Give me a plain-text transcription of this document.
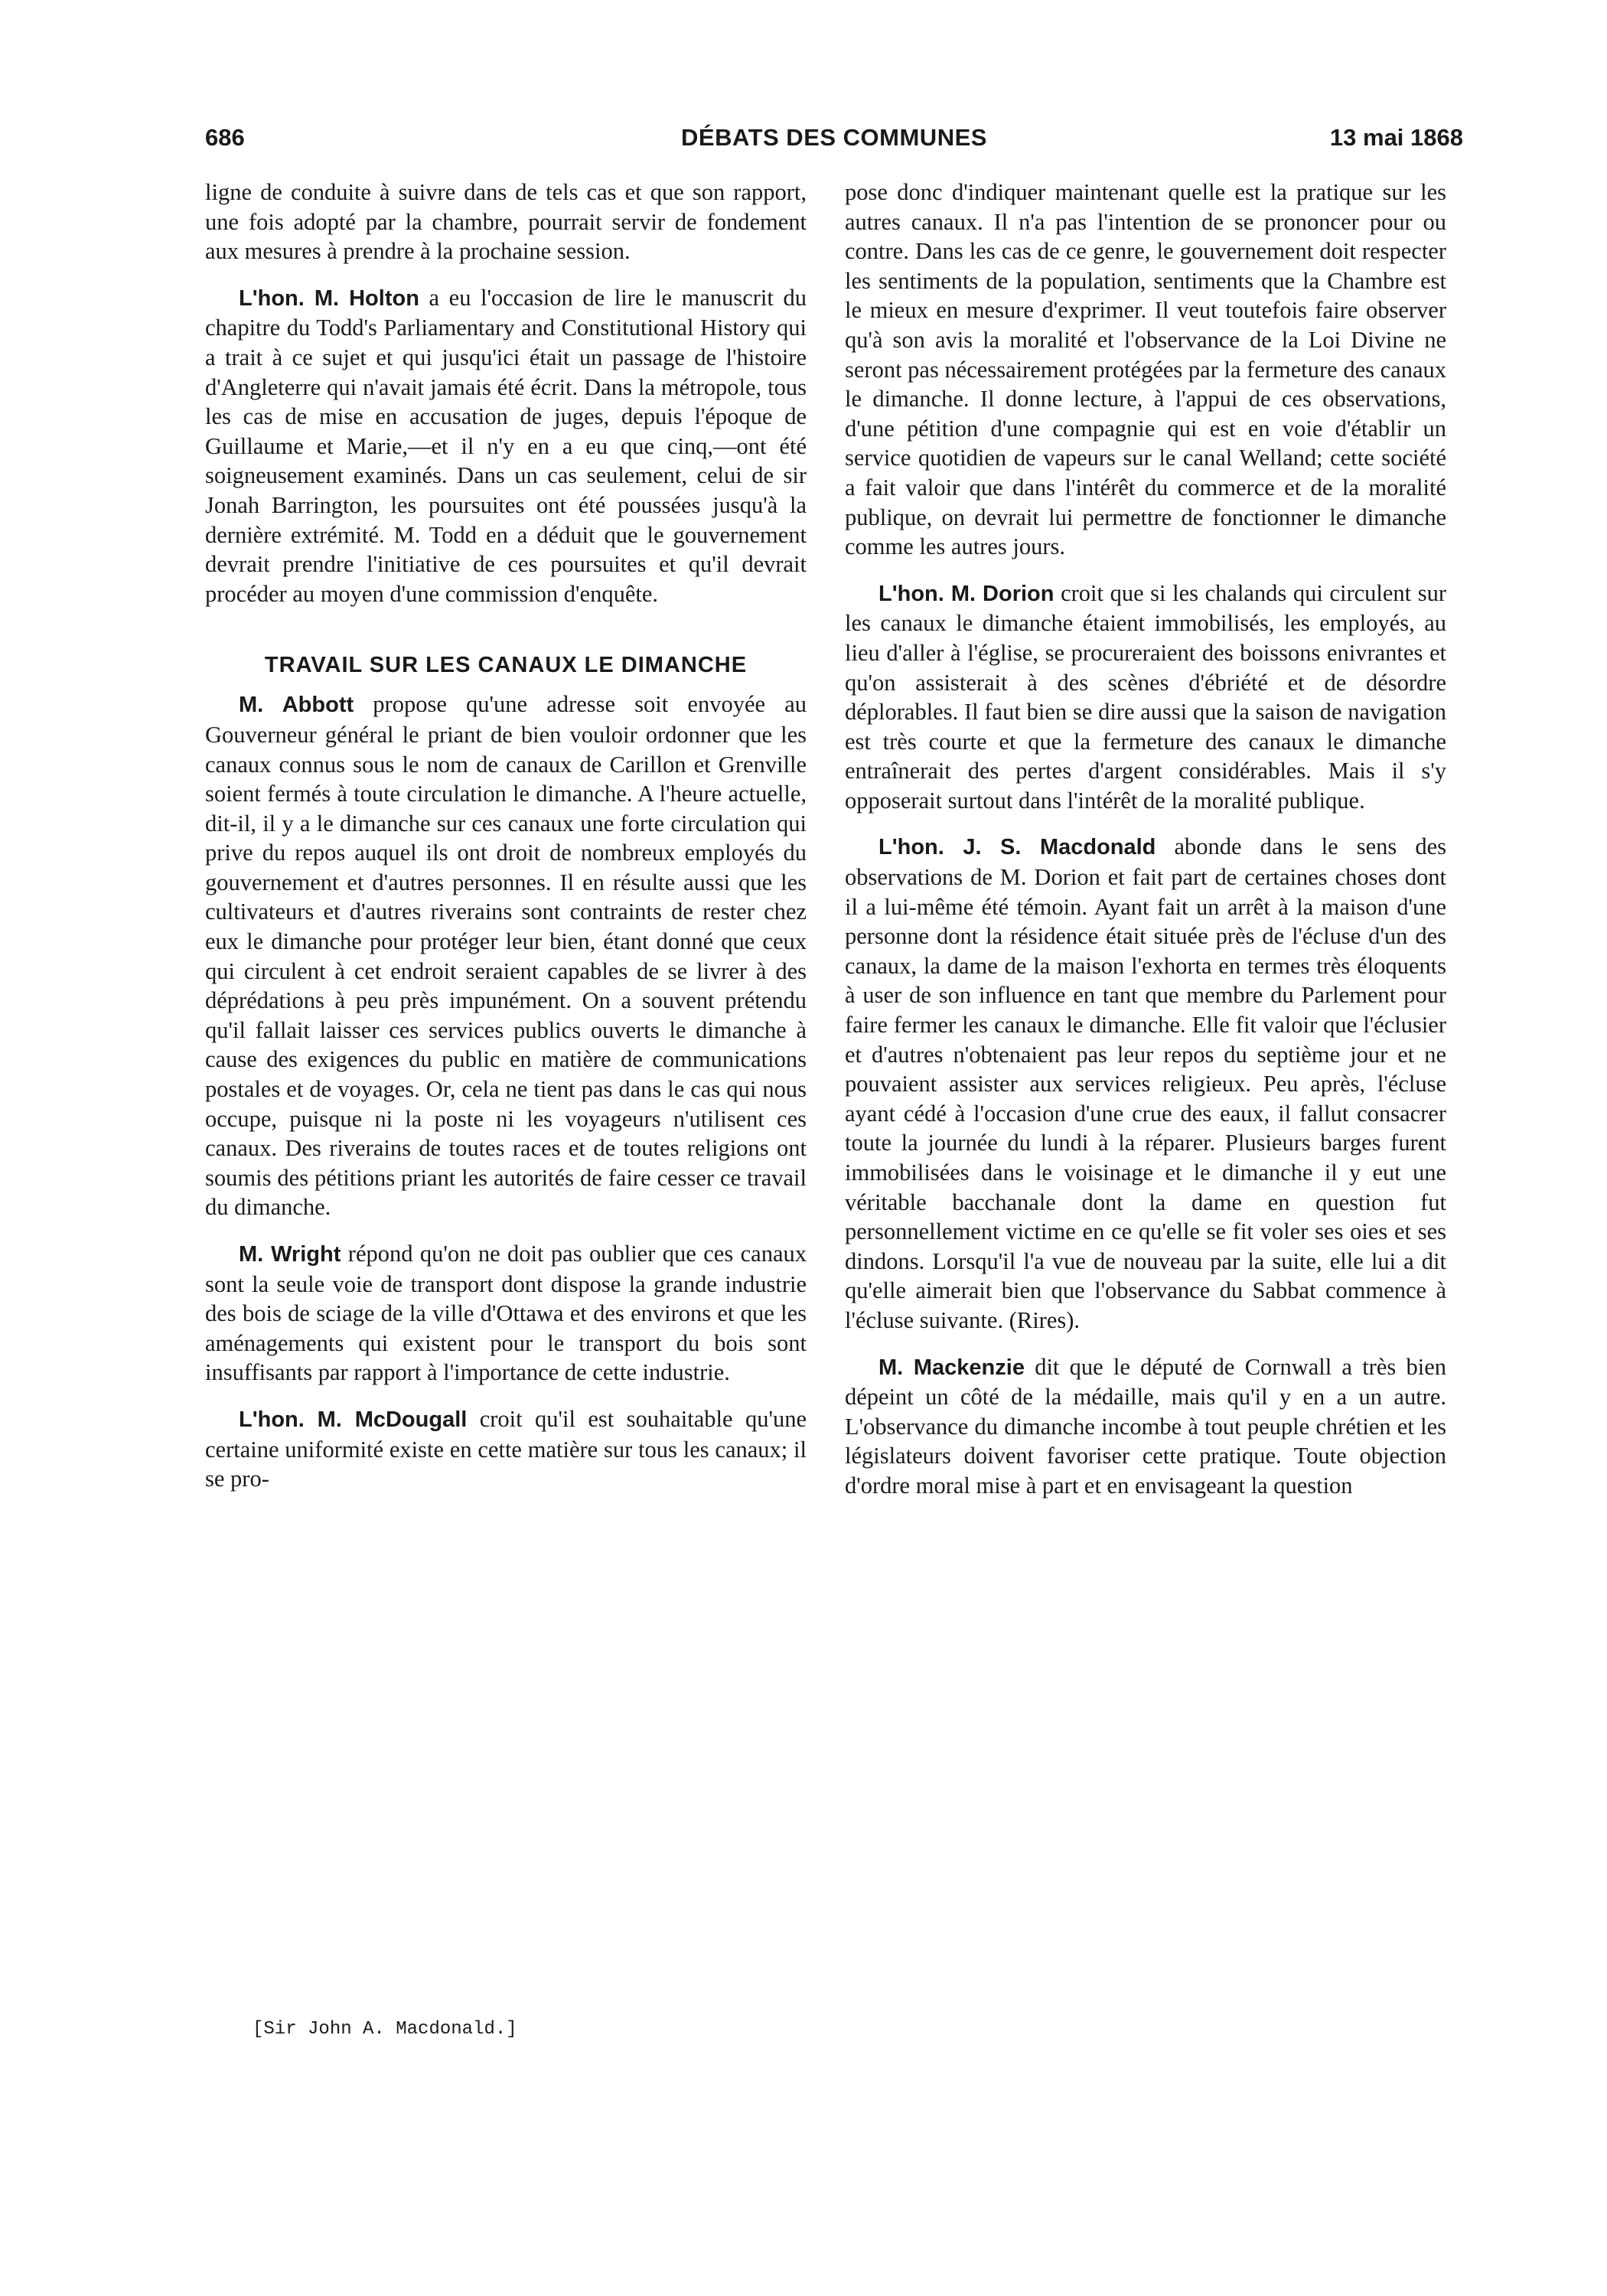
686	DÉBATS DES COMMUNES	13 mai 1868

ligne de conduite à suivre dans de tels cas et que son rapport, une fois adopté par la chambre, pourrait servir de fondement aux mesures à prendre à la prochaine session.

L'hon. M. Holton a eu l'occasion de lire le manuscrit du chapitre du Todd's Parliamentary and Constitutional History qui a trait à ce sujet et qui jusqu'ici était un passage de l'histoire d'Angleterre qui n'avait jamais été écrit. Dans la métropole, tous les cas de mise en accusation de juges, depuis l'époque de Guillaume et Marie,—et il n'y en a eu que cinq,—ont été soigneusement examinés. Dans un cas seulement, celui de sir Jonah Barrington, les poursuites ont été poussées jusqu'à la dernière extrémité. M. Todd en a déduit que le gouvernement devrait prendre l'initiative de ces poursuites et qu'il devrait procéder au moyen d'une commission d'enquête.

TRAVAIL SUR LES CANAUX LE DIMANCHE

M. Abbott propose qu'une adresse soit envoyée au Gouverneur général le priant de bien vouloir ordonner que les canaux connus sous le nom de canaux de Carillon et Grenville soient fermés à toute circulation le dimanche. A l'heure actuelle, dit-il, il y a le dimanche sur ces canaux une forte circulation qui prive du repos auquel ils ont droit de nombreux employés du gouvernement et d'autres personnes. Il en résulte aussi que les cultivateurs et d'autres riverains sont contraints de rester chez eux le dimanche pour protéger leur bien, étant donné que ceux qui circulent à cet endroit seraient capables de se livrer à des déprédations à peu près impunément. On a souvent prétendu qu'il fallait laisser ces services publics ouverts le dimanche à cause des exigences du public en matière de communications postales et de voyages. Or, cela ne tient pas dans le cas qui nous occupe, puisque ni la poste ni les voyageurs n'utilisent ces canaux. Des riverains de toutes races et de toutes religions ont soumis des pétitions priant les autorités de faire cesser ce travail du dimanche.

M. Wright répond qu'on ne doit pas oublier que ces canaux sont la seule voie de transport dont dispose la grande industrie des bois de sciage de la ville d'Ottawa et des environs et que les aménagements qui existent pour le transport du bois sont insuffisants par rapport à l'importance de cette industrie.

L'hon. M. McDougall croit qu'il est souhaitable qu'une certaine uniformité existe en cette matière sur tous les canaux; il se pro-

pose donc d'indiquer maintenant quelle est la pratique sur les autres canaux. Il n'a pas l'intention de se prononcer pour ou contre. Dans les cas de ce genre, le gouvernement doit respecter les sentiments de la population, sentiments que la Chambre est le mieux en mesure d'exprimer. Il veut toutefois faire observer qu'à son avis la moralité et l'observance de la Loi Divine ne seront pas nécessairement protégées par la fermeture des canaux le dimanche. Il donne lecture, à l'appui de ces observations, d'une pétition d'une compagnie qui est en voie d'établir un service quotidien de vapeurs sur le canal Welland; cette société a fait valoir que dans l'intérêt du commerce et de la moralité publique, on devrait lui permettre de fonctionner le dimanche comme les autres jours.

L'hon. M. Dorion croit que si les chalands qui circulent sur les canaux le dimanche étaient immobilisés, les employés, au lieu d'aller à l'église, se procureraient des boissons enivrantes et qu'on assisterait à des scènes d'ébriété et de désordre déplorables. Il faut bien se dire aussi que la saison de navigation est très courte et que la fermeture des canaux le dimanche entraînerait des pertes d'argent considérables. Mais il s'y opposerait surtout dans l'intérêt de la moralité publique.

L'hon. J. S. Macdonald abonde dans le sens des observations de M. Dorion et fait part de certaines choses dont il a lui-même été témoin. Ayant fait un arrêt à la maison d'une personne dont la résidence était située près de l'écluse d'un des canaux, la dame de la maison l'exhorta en termes très éloquents à user de son influence en tant que membre du Parlement pour faire fermer les canaux le dimanche. Elle fit valoir que l'éclusier et d'autres n'obtenaient pas leur repos du septième jour et ne pouvaient assister aux services religieux. Peu après, l'écluse ayant cédé à l'occasion d'une crue des eaux, il fallut consacrer toute la journée du lundi à la réparer. Plusieurs barges furent immobilisées dans le voisinage et le dimanche il y eut une véritable bacchanale dont la dame en question fut personnellement victime en ce qu'elle se fit voler ses oies et ses dindons. Lorsqu'il l'a vue de nouveau par la suite, elle lui a dit qu'elle aimerait bien que l'observance du Sabbat commence à l'écluse suivante. (Rires).

M. Mackenzie dit que le député de Cornwall a très bien dépeint un côté de la médaille, mais qu'il y en a un autre. L'observance du dimanche incombe à tout peuple chrétien et les législateurs doivent favoriser cette pratique. Toute objection d'ordre moral mise à part et en envisageant la question

[Sir John A. Macdonald.]
